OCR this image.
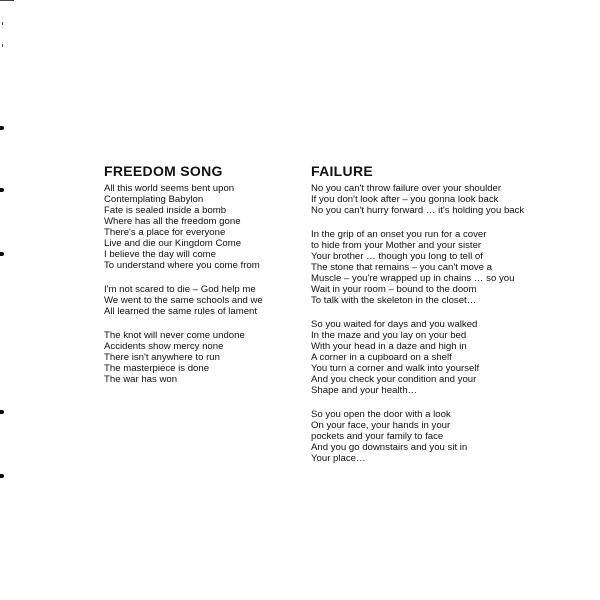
FREEDOM SONG
All this world seems bent upon
Contemplating Babylon
Fate is sealed inside a bomb
Where has all the freedom gone
There's a place for everyone
Live and die our Kingdom Come
I believe the day will come
To understand where you come from
I'm not scared to die – God help me
We went to the same schools and we
All learned the same rules of lament
The knot will never come undone
Accidents show mercy none
There isn't anywhere to run
The masterpiece is done
The war has won
FAILURE
No you can't throw failure over your shoulder
If you don't look after – you gonna look back
No you can't hurry forward … it's holding you back
In the grip of an onset you run for a cover
to hide from your Mother and your sister
Your brother … though you long to tell of
The stone that remains – you can't move a
Muscle – you're wrapped up in chains … so you
Wait in your room – bound to the doom
To talk with the skeleton in the closet…
So you waited for days and you walked
In the maze and you lay on your bed
With your head in a daze and high in
A corner in a cupboard on a shelf
You turn a corner and walk into yourself
And you check your condition and your
Shape and your health…
So you open the door with a look
On your face, your hands in your
pockets and your family to face
And you go downstairs and you sit in
Your place…
